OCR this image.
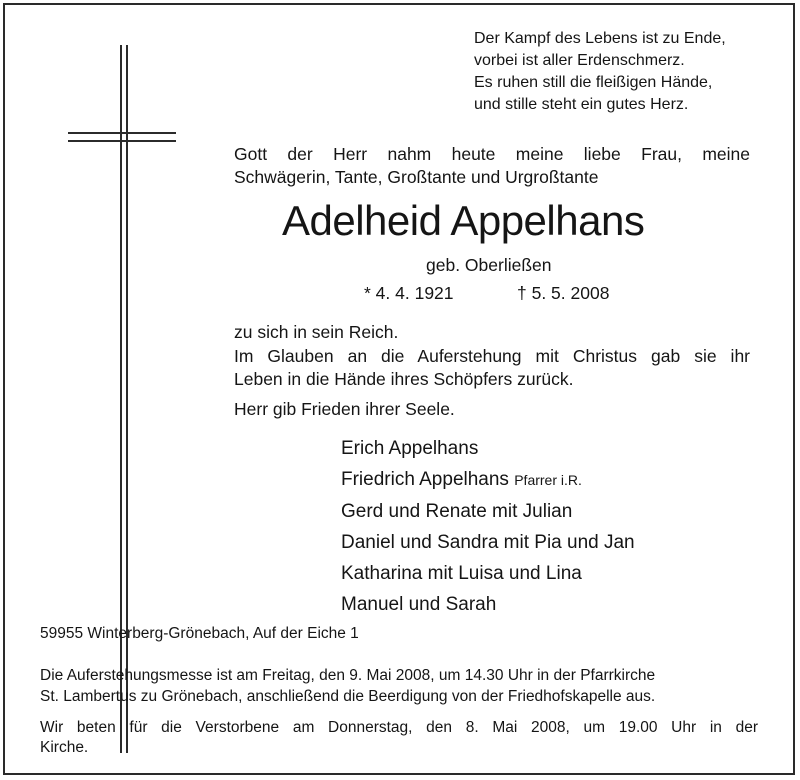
Der Kampf des Lebens ist zu Ende,
vorbei ist aller Erdenschmerz.
Es ruhen still die fleißigen Hände,
und stille steht ein gutes Herz.
Gott der Herr nahm heute meine liebe Frau, meine
Schwägerin, Tante, Großtante und Urgroßtante
Adelheid Appelhans
geb. Oberließen
* 4. 4. 1921	† 5. 5. 2008
zu sich in sein Reich.
Im Glauben an die Auferstehung mit Christus gab sie ihr
Leben in die Hände ihres Schöpfers zurück.
Herr gib Frieden ihrer Seele.
Erich Appelhans
Friedrich Appelhans Pfarrer i.R.
Gerd und Renate mit Julian
Daniel und Sandra mit Pia und Jan
Katharina mit Luisa und Lina
Manuel und Sarah
59955 Winterberg-Grönebach, Auf der Eiche 1
Die Auferstehungsmesse ist am Freitag, den 9. Mai 2008, um 14.30 Uhr in der Pfarrkirche
St. Lambertus zu Grönebach, anschließend die Beerdigung von der Friedhofskapelle aus.
Wir beten für die Verstorbene am Donnerstag, den 8. Mai 2008, um 19.00 Uhr in der
Kirche.
